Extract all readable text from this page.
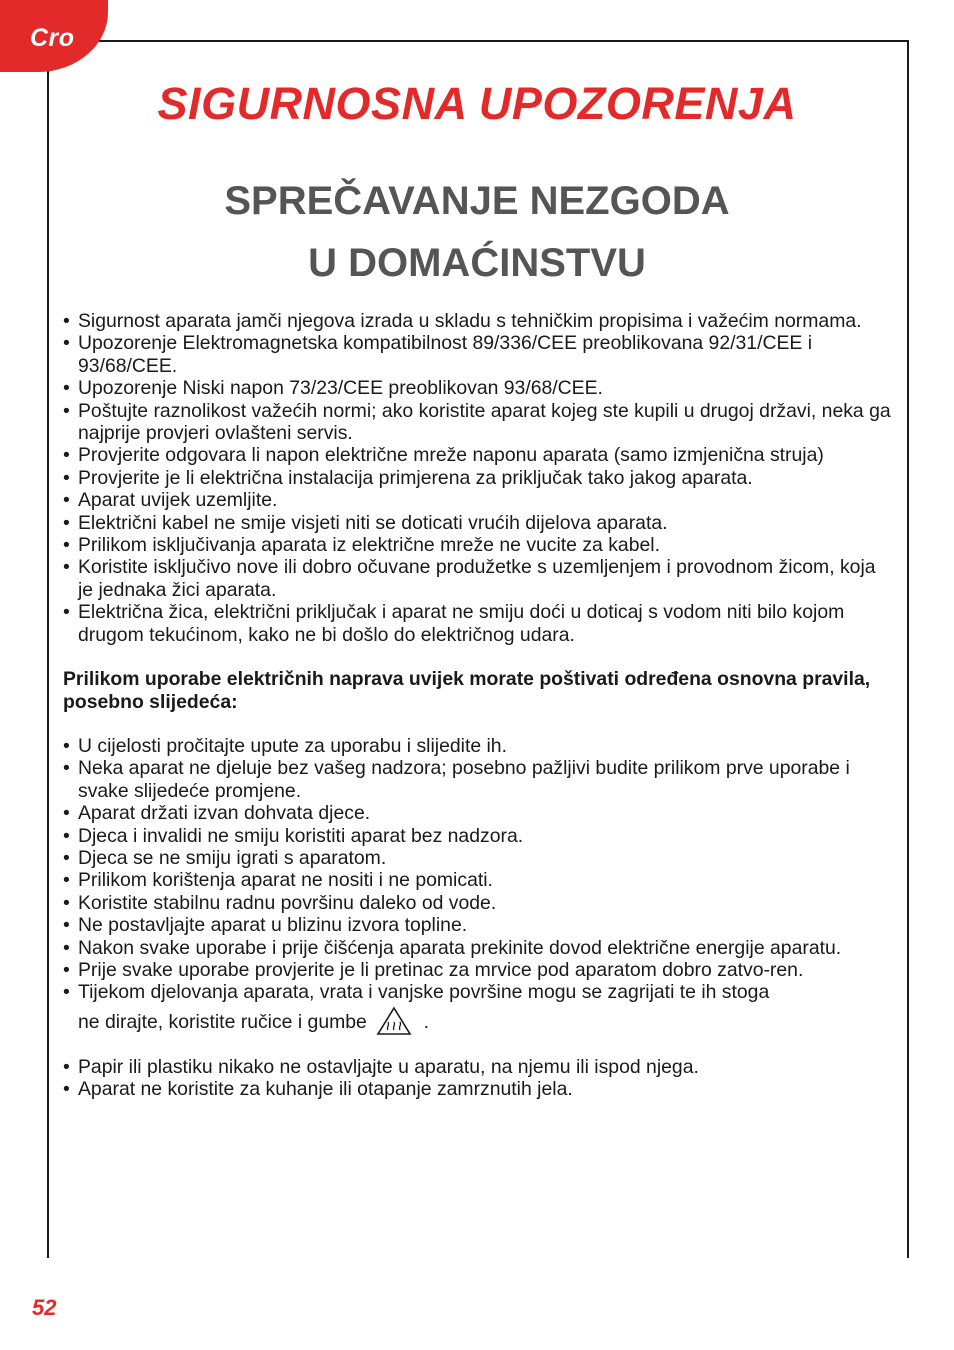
Cro
SIGURNOSNA UPOZORENJA
SPREČAVANJE NEZGODA
U DOMAĆINSTVU
• Sigurnost aparata jamči njegova izrada u skladu s tehničkim propisima i važećim normama.
• Upozorenje Elektromagnetska kompatibilnost 89/336/CEE preoblikovana 92/31/CEE i 93/68/CEE.
• Upozorenje Niski napon 73/23/CEE preoblikovan 93/68/CEE.
• Poštujte raznolikost važećih normi; ako koristite aparat kojeg ste kupili u drugoj državi, neka ga najprije provjeri ovlašteni servis.
• Provjerite odgovara li napon električne mreže naponu aparata (samo izmjenična struja)
• Provjerite je li električna instalacija primjerena za priključak tako jakog aparata.
• Aparat uvijek uzemljite.
• Električni kabel ne smije visjeti niti se doticati vrućih dijelova aparata.
• Prilikom isključivanja aparata iz električne mreže ne vucite za kabel.
• Koristite isključivo nove ili dobro očuvane produžetke s uzemljenjem i provodnom žicom, koja je jednaka žici aparata.
• Električna žica, električni priključak i aparat ne smiju doći u doticaj s vodom niti bilo kojom drugom tekućinom, kako ne bi došlo do električnog udara.
Prilikom uporabe električnih naprava uvijek morate poštivati određena osnovna pravila, posebno slijedeća:
• U cijelosti pročitajte upute za uporabu i slijedite ih.
• Neka aparat ne djeluje bez vašeg nadzora; posebno pažljivi budite prilikom prve uporabe i svake slijedeće promjene.
• Aparat držati izvan dohvata djece.
• Djeca i invalidi ne smiju koristiti aparat bez nadzora.
• Djeca se ne smiju igrati s aparatom.
• Prilikom korištenja aparat ne nositi i ne pomicati.
• Koristite stabilnu radnu površinu daleko od vode.
• Ne postavljajte aparat u blizinu izvora topline.
• Nakon svake uporabe i prije čišćenja aparata prekinite dovod električne energije aparatu.
• Prije svake uporabe provjerite je li pretinac za mrvice pod aparatom dobro zatvo-ren.
• Tijekom djelovanja aparata, vrata i vanjske površine mogu se zagrijati te ih stoga
ne dirajte, koristite ručice i gumbe	.
• Papir ili plastiku nikako ne ostavljajte u aparatu, na njemu ili ispod njega.
• Aparat ne koristite za kuhanje ili otapanje zamrznutih jela.
52
